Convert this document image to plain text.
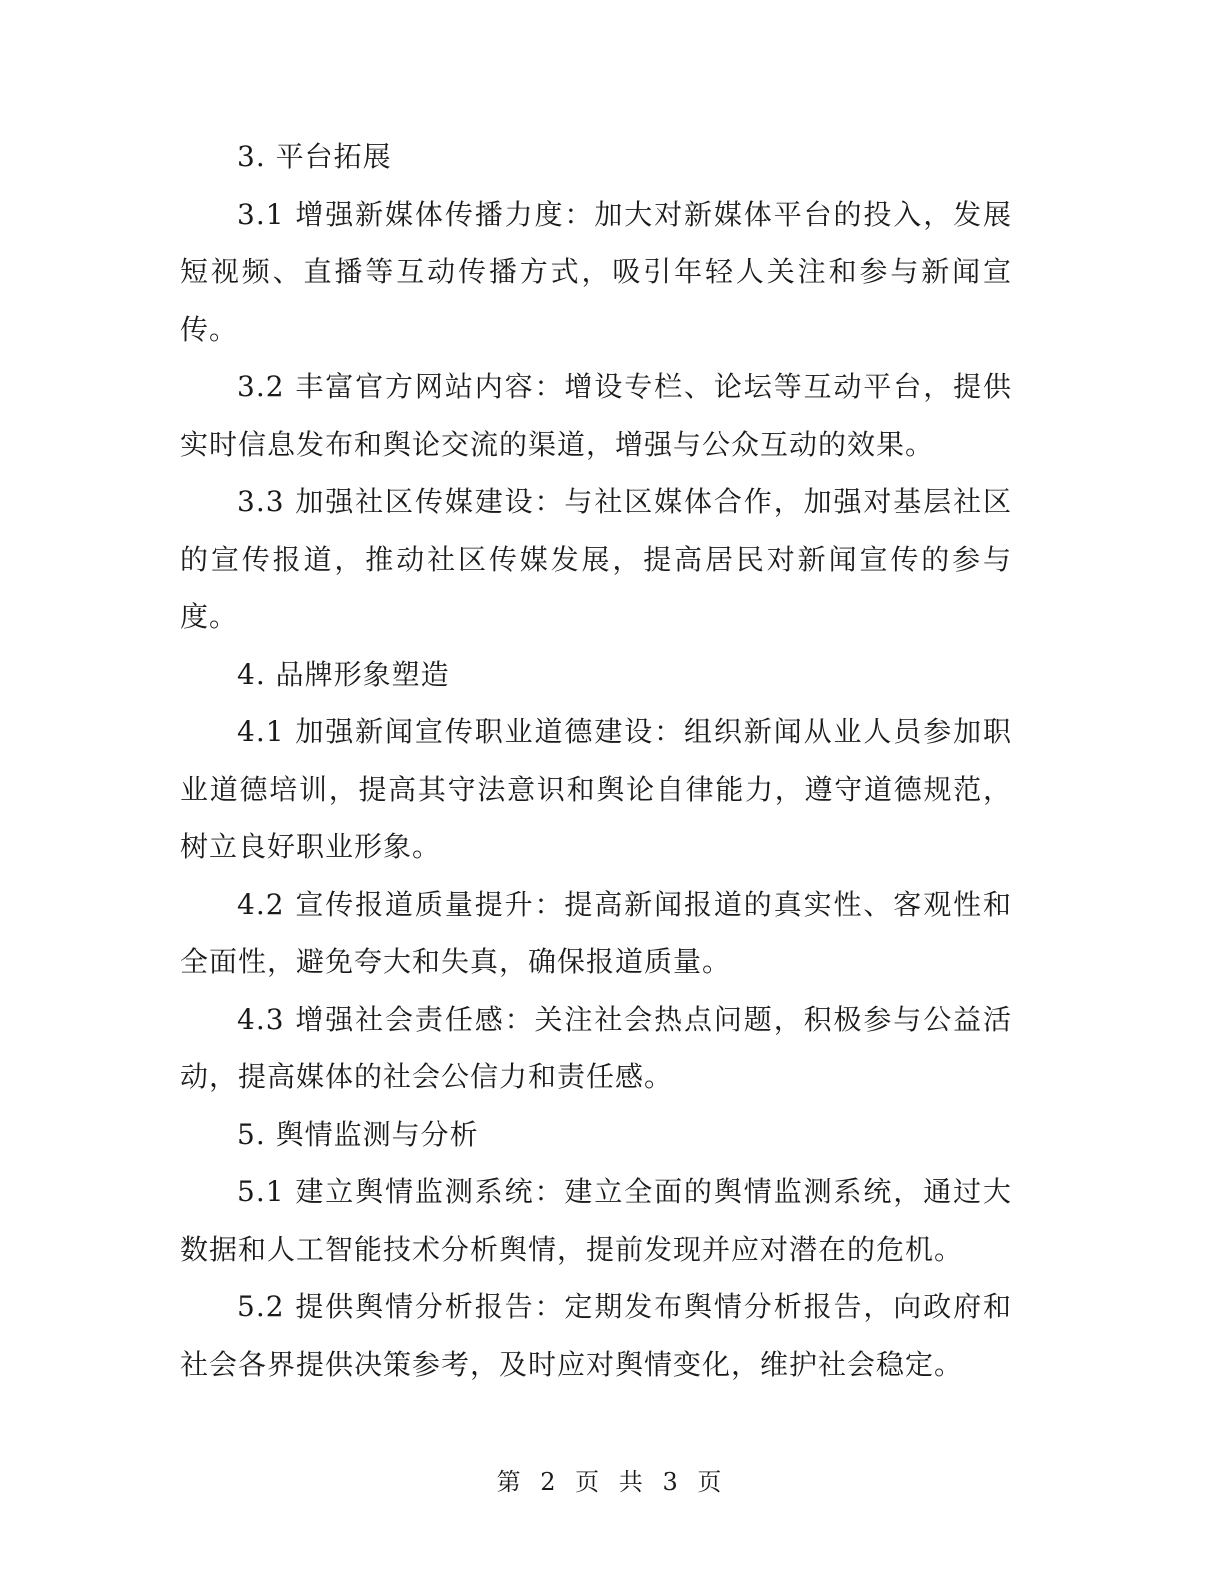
3. 平台拓展

3.1 增强新媒体传播力度：加大对新媒体平台的投入，发展短视频、直播等互动传播方式，吸引年轻人关注和参与新闻宣传。

3.2 丰富官方网站内容：增设专栏、论坛等互动平台，提供实时信息发布和舆论交流的渠道，增强与公众互动的效果。

3.3 加强社区传媒建设：与社区媒体合作，加强对基层社区的宣传报道，推动社区传媒发展，提高居民对新闻宣传的参与度。

4. 品牌形象塑造

4.1 加强新闻宣传职业道德建设：组织新闻从业人员参加职业道德培训，提高其守法意识和舆论自律能力，遵守道德规范，树立良好职业形象。

4.2 宣传报道质量提升：提高新闻报道的真实性、客观性和全面性，避免夸大和失真，确保报道质量。

4.3 增强社会责任感：关注社会热点问题，积极参与公益活动，提高媒体的社会公信力和责任感。

5. 舆情监测与分析

5.1 建立舆情监测系统：建立全面的舆情监测系统，通过大数据和人工智能技术分析舆情，提前发现并应对潜在的危机。

5.2 提供舆情分析报告：定期发布舆情分析报告，向政府和社会各界提供决策参考，及时应对舆情变化，维护社会稳定。

第 2 页 共 3 页
